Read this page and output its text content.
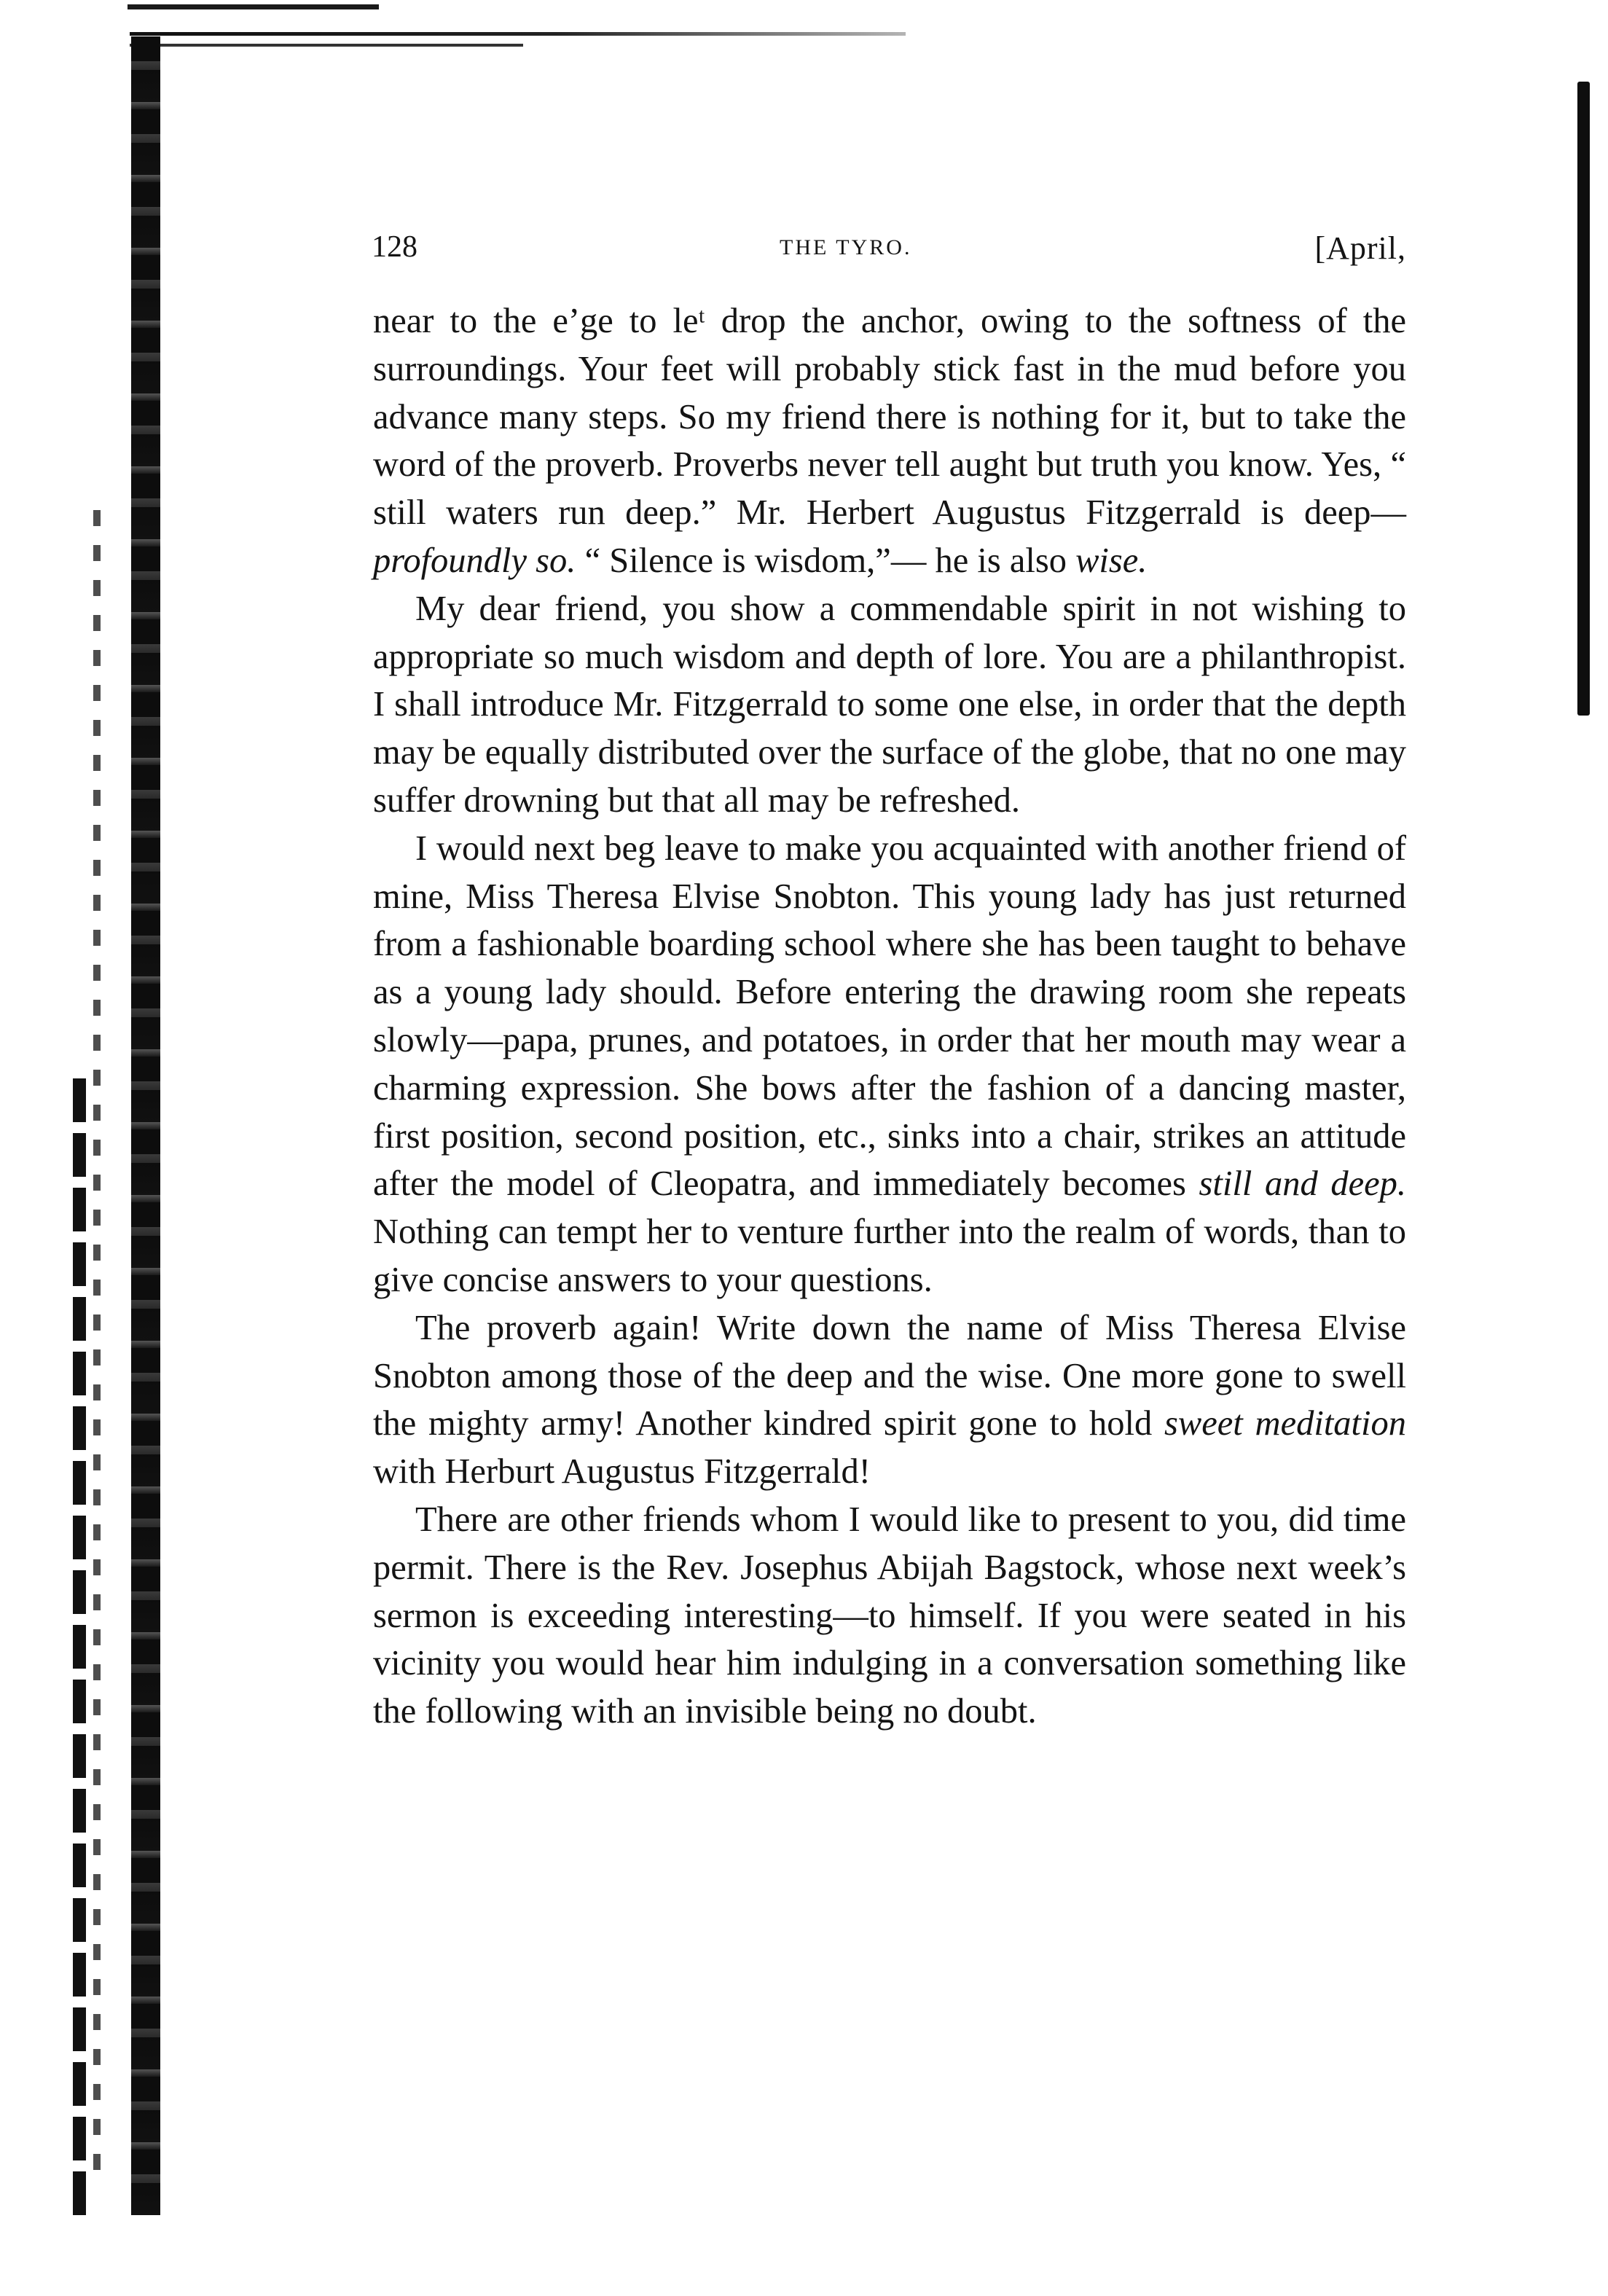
128	THE TYRO.	[April,

near to the e’ge to leᵗ drop the anchor, owing to the softness of the surroundings. Your feet will probably stick fast in the mud before you advance many steps. So my friend there is nothing for it, but to take the word of the proverb. Proverbs never tell aught but truth you know. Yes, “ still waters run deep.” Mr. Herbert Augustus Fitzgerrald is deep—profoundly so. “ Silence is wisdom,”— he is also wise.

My dear friend, you show a commendable spirit in not wishing to appropriate so much wisdom and depth of lore. You are a philanthropist. I shall introduce Mr. Fitzgerrald to some one else, in order that the depth may be equally distributed over the surface of the globe, that no one may suffer drowning but that all may be refreshed.

I would next beg leave to make you acquainted with another friend of mine, Miss Theresa Elvise Snobton. This young lady has just returned from a fashionable boarding school where she has been taught to behave as a young lady should. Before entering the drawing room she repeats slowly—papa, prunes, and potatoes, in order that her mouth may wear a charming expression. She bows after the fashion of a dancing master, first position, second position, etc., sinks into a chair, strikes an attitude after the model of Cleopatra, and immediately becomes still and deep. Nothing can tempt her to venture further into the realm of words, than to give concise answers to your questions.

The proverb again! Write down the name of Miss Theresa Elvise Snobton among those of the deep and the wise. One more gone to swell the mighty army! Another kindred spirit gone to hold sweet meditation with Herburt Augustus Fitzgerrald!

There are other friends whom I would like to present to you, did time permit. There is the Rev. Josephus Abijah Bagstock, whose next week’s sermon is exceeding interesting—to himself. If you were seated in his vicinity you would hear him indulging in a conversation something like the following with an invisible being no doubt.
